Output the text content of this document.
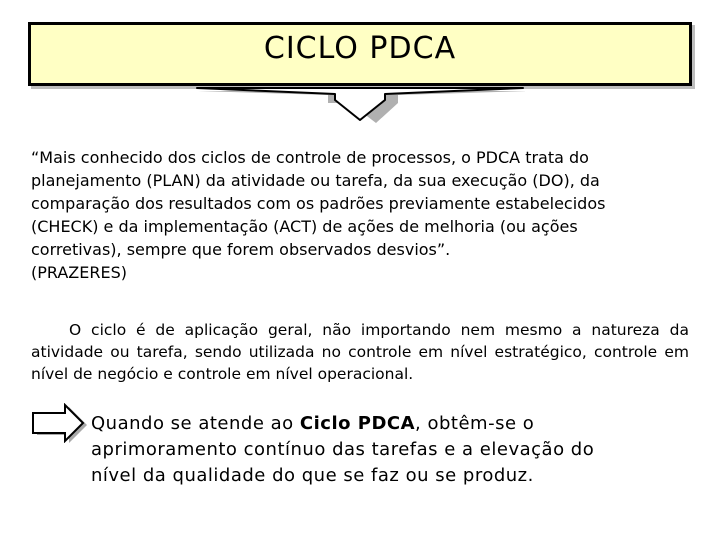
CICLO PDCA

“Mais conhecido dos ciclos de controle de processos, o PDCA trata do
planejamento (PLAN) da atividade ou tarefa, da sua execução (DO), da
comparação dos resultados com os padrões previamente estabelecidos
(CHECK) e da implementação (ACT) de ações de melhoria (ou ações
corretivas), sempre que forem observados desvios”.
(PRAZERES)

O ciclo é de aplicação geral, não importando nem mesmo a natureza da atividade ou tarefa, sendo utilizada no controle em nível estratégico, controle em nível de negócio e controle em nível operacional.

Quando se atende ao Ciclo PDCA, obtêm-se o
aprimoramento contínuo das tarefas e a elevação do
nível da qualidade do que se faz ou se produz.
